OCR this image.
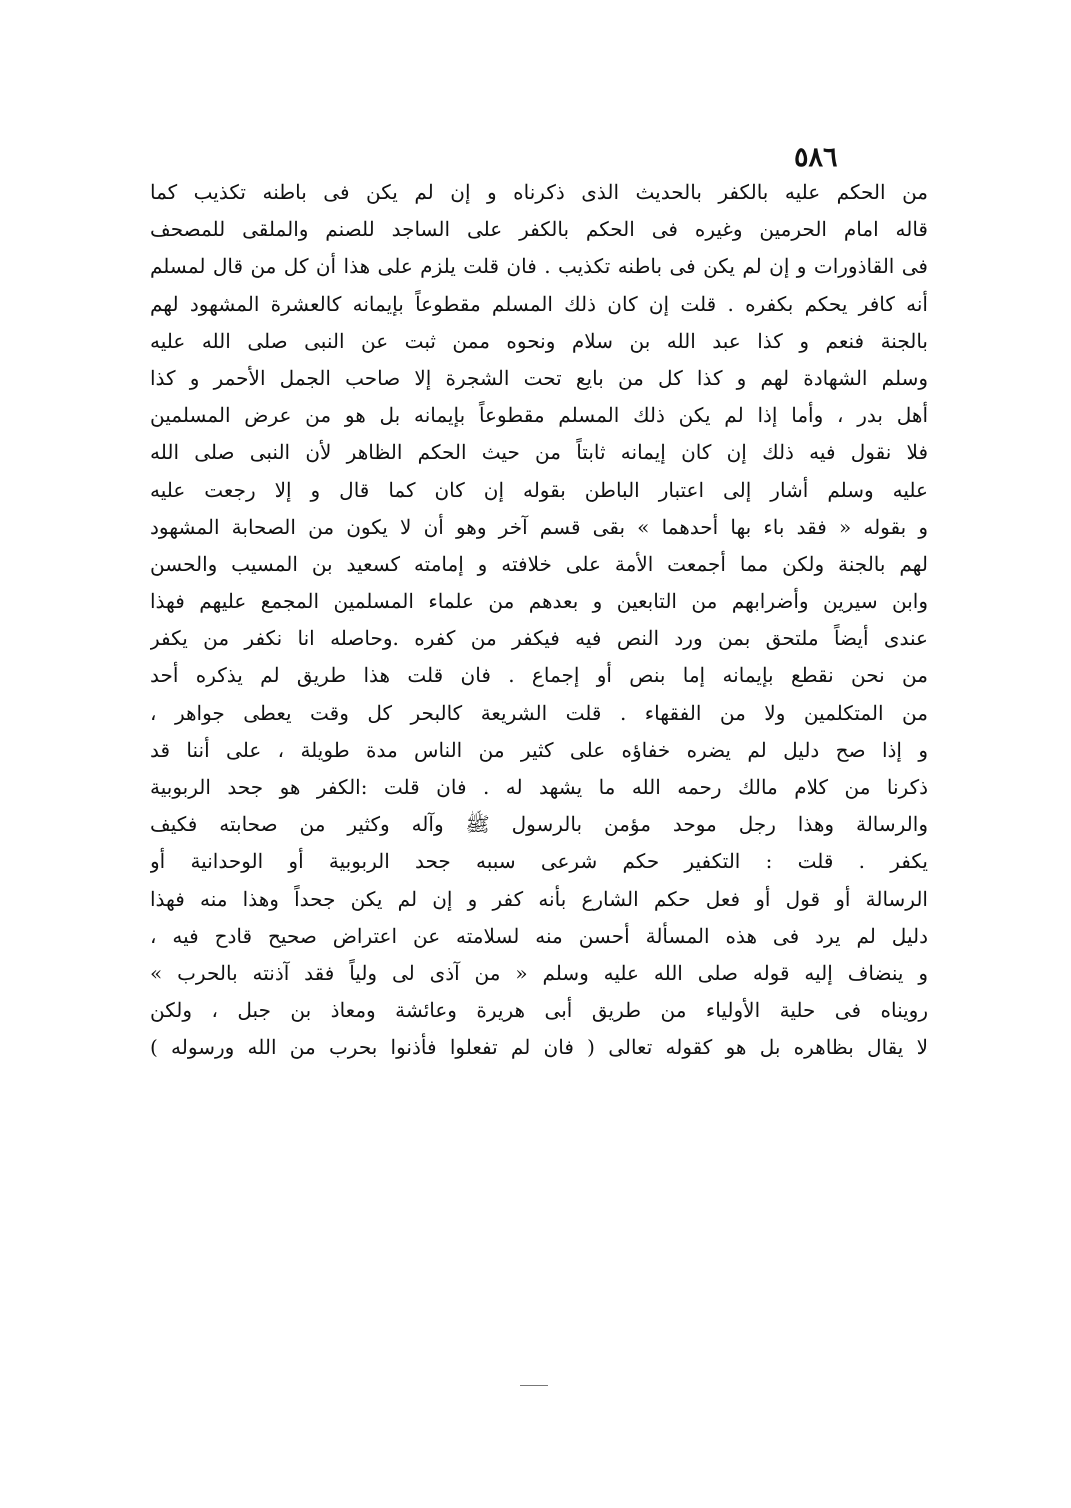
٥٨٦
من الحكم عليه بالكفر بالحديث الذى ذكرناه و إن لم يكن فى باطنه تكذيب كما
قاله امام الحرمين وغيره فى الحكم بالكفر على الساجد للصنم والملقى للمصحف
فى القاذورات و إن لم يكن فى باطنه تكذيب . فان قلت يلزم على هذا أن كل من قال لمسلم
أنه كافر يحكم بكفره . قلت إن كان ذلك المسلم مقطوعاً بإيمانه كالعشرة المشهود لهم
بالجنة فنعم و كذا عبد الله بن سلام ونحوه ممن ثبت عن النبى صلى الله عليه
وسلم الشهادة لهم و كذا كل من بايع تحت الشجرة إلا صاحب الجمل الأحمر و كذا
أهل بدر ، وأما إذا لم يكن ذلك المسلم مقطوعاً بإيمانه بل هو من عرض المسلمين
فلا نقول فيه ذلك إن كان إيمانه ثابتاً من حيث الحكم الظاهر لأن النبى صلى الله
عليه وسلم أشار إلى اعتبار الباطن بقوله إن كان كما قال و إلا رجعت عليه
و بقوله « فقد باء بها أحدهما » بقى قسم آخر وهو أن لا يكون من الصحابة المشهود
لهم بالجنة ولكن مما أجمعت الأمة على خلافته و إمامته كسعيد بن المسيب والحسن
وابن سيرين وأضرابهم من التابعين و بعدهم من علماء المسلمين المجمع عليهم فهذا
عندى أيضاً ملتحق بمن ورد النص فيه فيكفر من كفره .وحاصله انا نكفر من يكفر
من نحن نقطع بإيمانه إما بنص أو إجماع . فان قلت هذا طريق لم يذكره أحد
من المتكلمين ولا من الفقهاء . قلت الشريعة كالبحر كل وقت يعطى جواهر ،
و إذا صح دليل لم يضره خفاؤه على كثير من الناس مدة طويلة ، على أننا قد
ذكرنا من كلام مالك رحمه الله ما يشهد له . فان قلت :الكفر هو جحد الربوبية
والرسالة وهذا رجل موحد مؤمن بالرسول ﷺ وآله وكثير من صحابته فكيف
يكفر . قلت : التكفير حكم شرعى سببه جحد الربوبية أو الوحدانية أو
الرسالة أو قول أو فعل حكم الشارع بأنه كفر و إن لم يكن جحداً وهذا منه فهذا
دليل لم يرد فى هذه المسألة أحسن منه لسلامته عن اعتراض صحيح قادح فيه ،
و ينضاف إليه قوله صلى الله عليه وسلم « من آذى لى ولياً فقد آذنته بالحرب »
رويناه فى حلية الأولياء من طريق أبى هريرة وعائشة ومعاذ بن جبل ، ولكن
لا يقال بظاهره بل هو كقوله تعالى ( فان لم تفعلوا فأذنوا بحرب من الله ورسوله )
